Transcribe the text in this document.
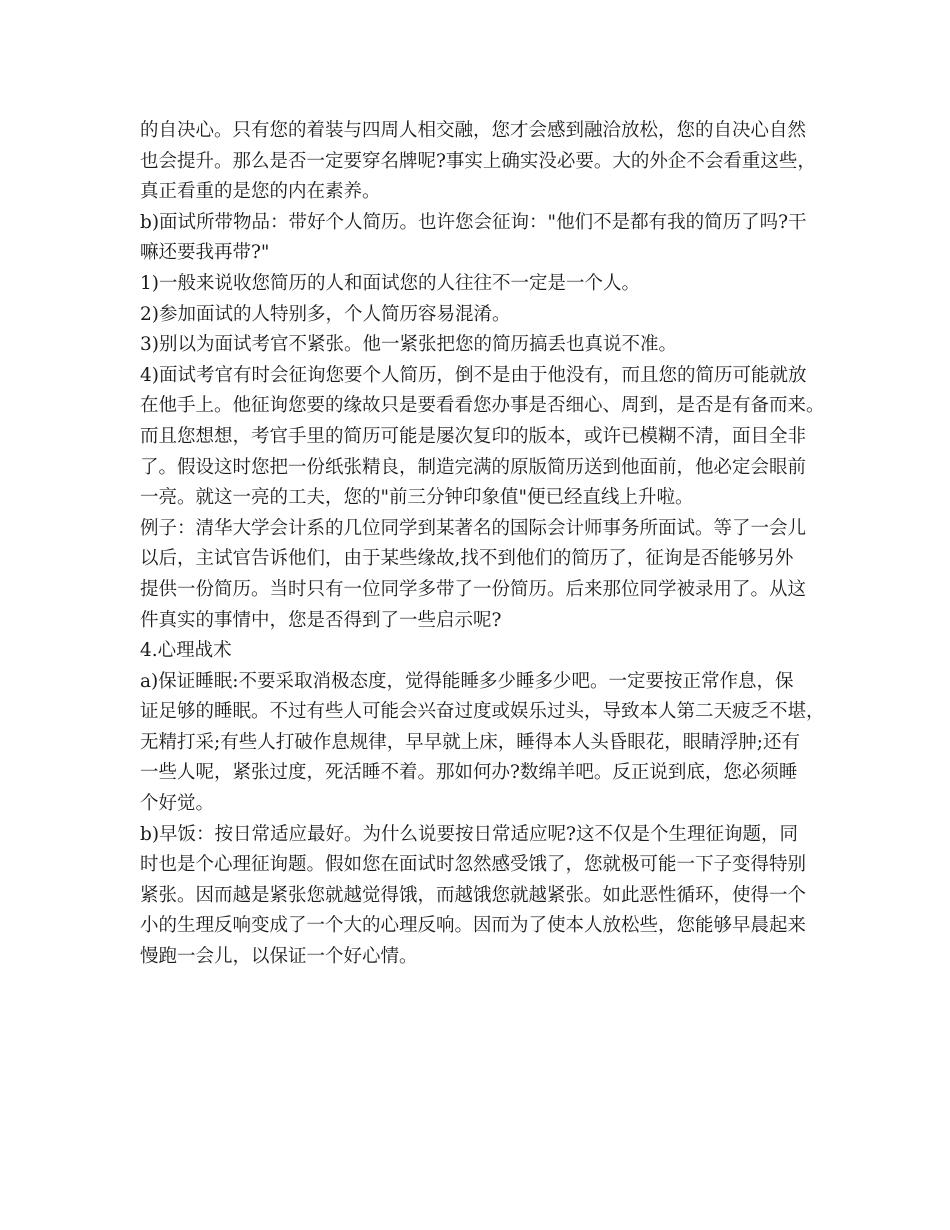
的自决心。只有您的着装与四周人相交融，您才会感到融洽放松，您的自决心自然
也会提升。那么是否一定要穿名牌呢?事实上确实没必要。大的外企不会看重这些，
真正看重的是您的内在素养。
b)面试所带物品：带好个人简历。也许您会征询："他们不是都有我的简历了吗?干
嘛还要我再带?"
1)一般来说收您简历的人和面试您的人往往不一定是一个人。
2)参加面试的人特别多，个人简历容易混淆。
3)别以为面试考官不紧张。他一紧张把您的简历搞丢也真说不准。
4)面试考官有时会征询您要个人简历，倒不是由于他没有，而且您的简历可能就放
在他手上。他征询您要的缘故只是要看看您办事是否细心、周到，是否是有备而来。
而且您想想，考官手里的简历可能是屡次复印的版本，或许已模糊不清，面目全非
了。假设这时您把一份纸张精良，制造完满的原版简历送到他面前，他必定会眼前
一亮。就这一亮的工夫，您的"前三分钟印象值"便已经直线上升啦。
例子：清华大学会计系的几位同学到某著名的国际会计师事务所面试。等了一会儿
以后，主试官告诉他们，由于某些缘故,找不到他们的简历了，征询是否能够另外
提供一份简历。当时只有一位同学多带了一份简历。后来那位同学被录用了。从这
件真实的事情中，您是否得到了一些启示呢?
4.心理战术
a)保证睡眠:不要采取消极态度，觉得能睡多少睡多少吧。一定要按正常作息，保
证足够的睡眠。不过有些人可能会兴奋过度或娱乐过头，导致本人第二天疲乏不堪，
无精打采;有些人打破作息规律，早早就上床，睡得本人头昏眼花，眼睛浮肿;还有
一些人呢，紧张过度，死活睡不着。那如何办?数绵羊吧。反正说到底，您必须睡
个好觉。
b)早饭：按日常适应最好。为什么说要按日常适应呢?这不仅是个生理征询题，同
时也是个心理征询题。假如您在面试时忽然感受饿了，您就极可能一下子变得特别
紧张。因而越是紧张您就越觉得饿，而越饿您就越紧张。如此恶性循环，使得一个
小的生理反响变成了一个大的心理反响。因而为了使本人放松些，您能够早晨起来
慢跑一会儿，以保证一个好心情。
